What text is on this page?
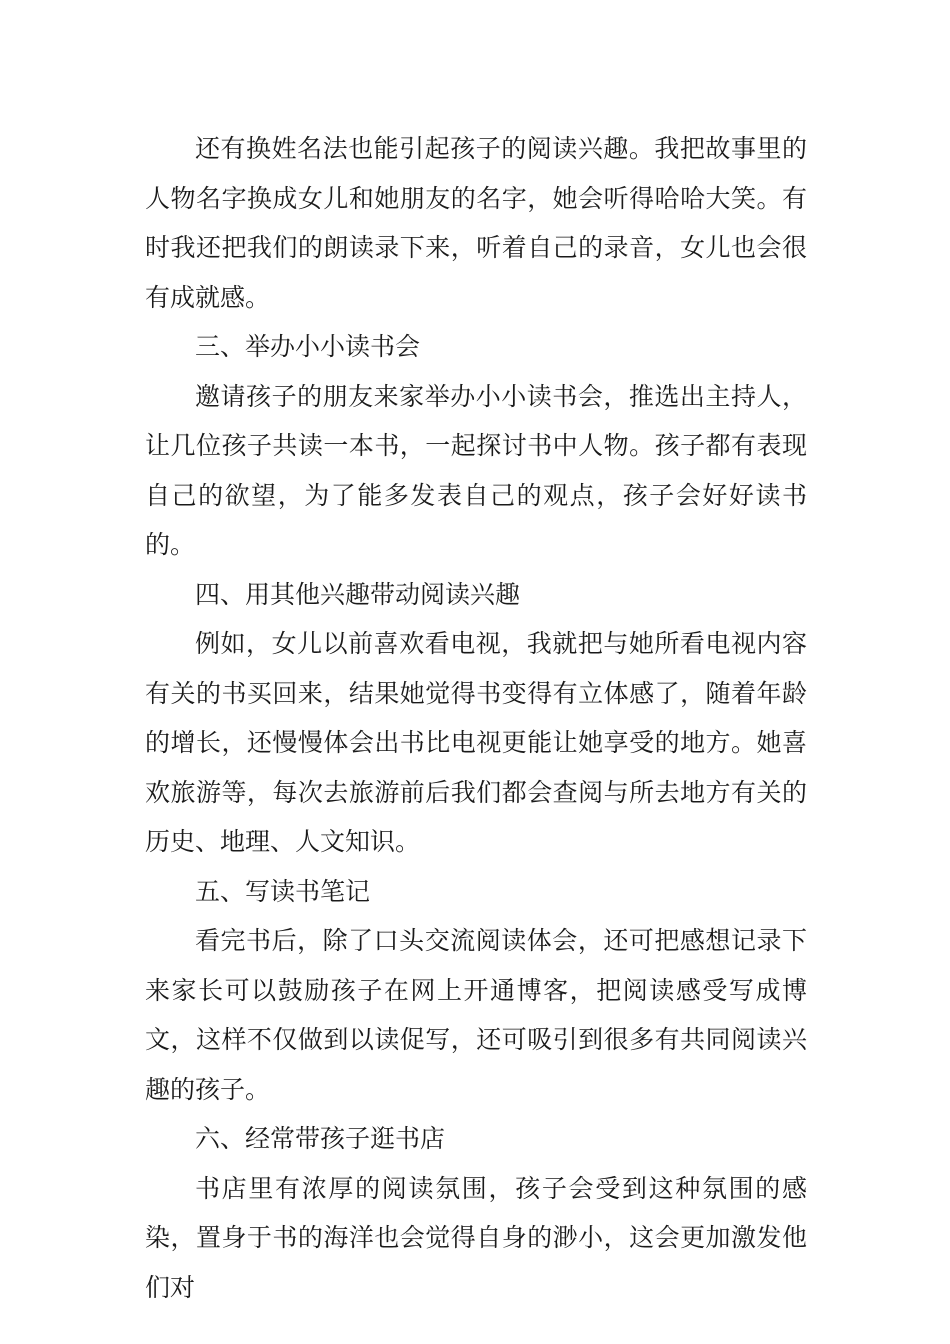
还有换姓名法也能引起孩子的阅读兴趣。我把故事里的人物名字换成女儿和她朋友的名字，她会听得哈哈大笑。有时我还把我们的朗读录下来，听着自己的录音，女儿也会很有成就感。

三、举办小小读书会

邀请孩子的朋友来家举办小小读书会，推选出主持人，让几位孩子共读一本书，一起探讨书中人物。孩子都有表现自己的欲望，为了能多发表自己的观点，孩子会好好读书的。

四、用其他兴趣带动阅读兴趣

例如，女儿以前喜欢看电视，我就把与她所看电视内容有关的书买回来，结果她觉得书变得有立体感了，随着年龄的增长，还慢慢体会出书比电视更能让她享受的地方。她喜欢旅游等，每次去旅游前后我们都会查阅与所去地方有关的历史、地理、人文知识。

五、写读书笔记

看完书后，除了口头交流阅读体会，还可把感想记录下来家长可以鼓励孩子在网上开通博客，把阅读感受写成博文，这样不仅做到以读促写，还可吸引到很多有共同阅读兴趣的孩子。

六、经常带孩子逛书店

书店里有浓厚的阅读氛围，孩子会受到这种氛围的感染，置身于书的海洋也会觉得自身的渺小，这会更加激发他们对
